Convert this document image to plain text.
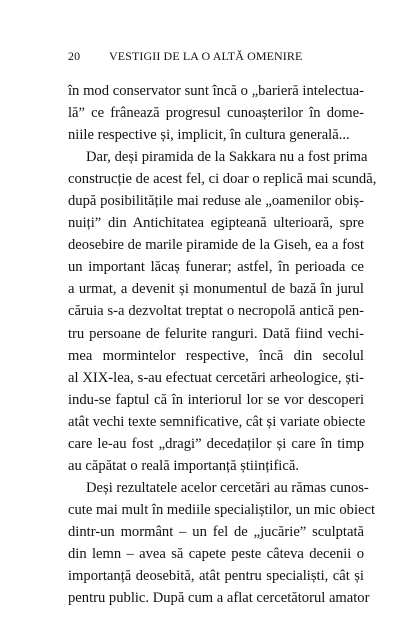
20 VESTIGII DE LA O ALTĂ OMENIRE
în mod conservator sunt încă o „barieră intelectua-
lă” ce frânează progresul cunoașterilor în dome-
niile respective și, implicit, în cultura generală...
Dar, deși piramida de la Sakkara nu a fost prima
construcție de acest fel, ci doar o replică mai scundă,
după posibilitățile mai reduse ale „oamenilor obiș-
nuiți” din Antichitatea egipteană ulterioară, spre
deosebire de marile piramide de la Giseh, ea a fost
un important lăcaș funerar; astfel, în perioada ce
a urmat, a devenit și monumentul de bază în jurul
căruia s-a dezvoltat treptat o necropolă antică pen-
tru persoane de felurite ranguri. Dată fiind vechi-
mea mormintelor respective, încă din secolul
al XIX-lea, s-au efectuat cercetări arheologice, ști-
indu-se faptul că în interiorul lor se vor descoperi
atât vechi texte semnificative, cât și variate obiecte
care le-au fost „dragi” decedaților și care în timp
au căpătat o reală importanță științifică.
Deși rezultatele acelor cercetări au rămas cunos-
cute mai mult în mediile specialiștilor, un mic obiect
dintr-un mormânt – un fel de „jucărie” sculptată
din lemn – avea să capete peste câteva decenii o
importanță deosebită, atât pentru specialiști, cât și
pentru public. După cum a aflat cercetătorul amator
